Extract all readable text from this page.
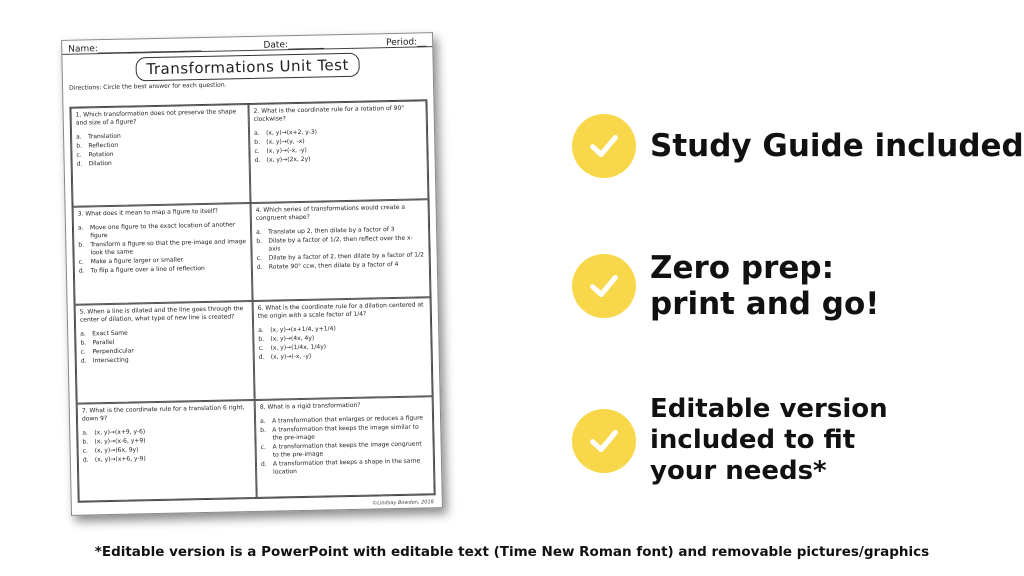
Name:_______________________	Date:________	Period:__
Transformations Unit Test
Directions: Circle the best answer for each question.
1. Which transformation does not preserve the shape and size of a figure?
a.	Translation
b.	Reflection
c.	Rotation
d.	Dilation
2. What is the coordinate rule for a rotation of 90° clockwise?
a.	(x, y)→(x+2, y-3)
b.	(x, y)→(y, -x)
c.	(x, y)→(-x, -y)
d.	(x, y)→(2x, 2y)
3. What does it mean to map a figure to itself?
a.	Move one figure to the exact location of another figure
b.	Transform a figure so that the pre-image and image look the same
c.	Make a figure larger or smaller
d.	To flip a figure over a line of reflection
4. Which series of transformations would create a congruent shape?
a.	Translate up 2, then dilate by a factor of 3
b.	Dilate by a factor of 1/2, then reflect over the x-axis
c.	Dilate by a factor of 2, then dilate by a factor of 1/2
d.	Rotate 90° ccw, then dilate by a factor of 4
5. When a line is dilated and the line goes through the center of dilation, what type of new line is created?
a.	Exact Same
b.	Parallel
c.	Perpendicular
d.	Intersecting
6. What is the coordinate rule for a dilation centered at the origin with a scale factor of 1/4?
a.	(x, y)→(x+1/4, y+1/4)
b.	(x, y)→(4x, 4y)
c.	(x, y)→(1/4x, 1/4y)
d.	(x, y)→(-x, -y)
7. What is the coordinate rule for a translation 6 right, down 9?
a.	(x, y)→(x+9, y-6)
b.	(x, y)→(x-6, y+9)
c.	(x, y)→(6x, 9y)
d.	(x, y)→(x+6, y-9)
8. What is a rigid transformation?
a.	A transformation that enlarges or reduces a figure
b.	A transformation that keeps the image similar to the pre-image
c.	A transformation that keeps the image congruent to the pre-image
d.	A transformation that keeps a shape in the same location
©Lindsay Bowden, 2018
Study Guide included
Zero prep:
print and go!
Editable version
included to fit
your needs*
*Editable version is a PowerPoint with editable text (Time New Roman font) and removable pictures/graphics
